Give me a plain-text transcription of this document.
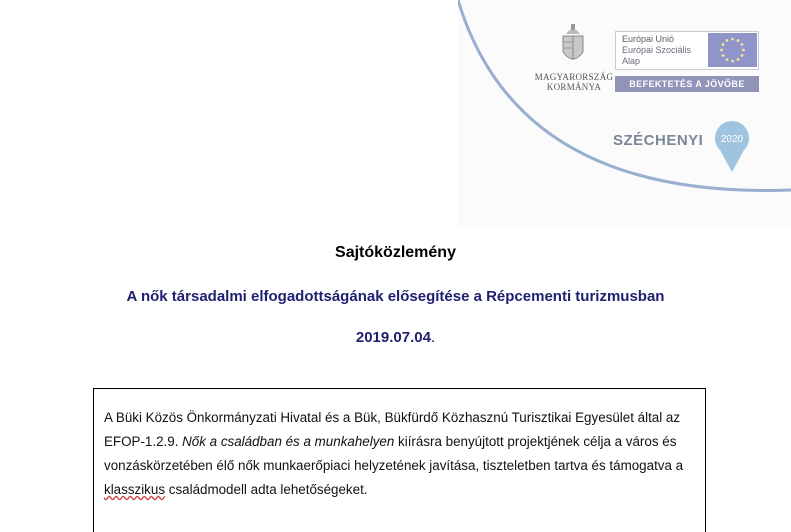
MAGYARORSZÁG
KORMÁNYA
Európai Unió
Európai Szociális
Alap
BEFEKTETÉS A JÖVŐBE
SZÉCHENYI 2020
Sajtóközlemény
A nők társadalmi elfogadottságának elősegítése a Répcementi turizmusban
2019.07.04.
A Büki Közös Önkormányzati Hivatal és a Bük, Bükfürdő Közhasznú Turisztikai Egyesület által az EFOP-1.2.9. Nők a családban és a munkahelyen kiírásra benyújtott projektjének célja a város és vonzáskörzetében élő nők munkaerőpiaci helyzetének javítása, tiszteletben tartva és támogatva a klasszikus családmodell adta lehetőségeket.
